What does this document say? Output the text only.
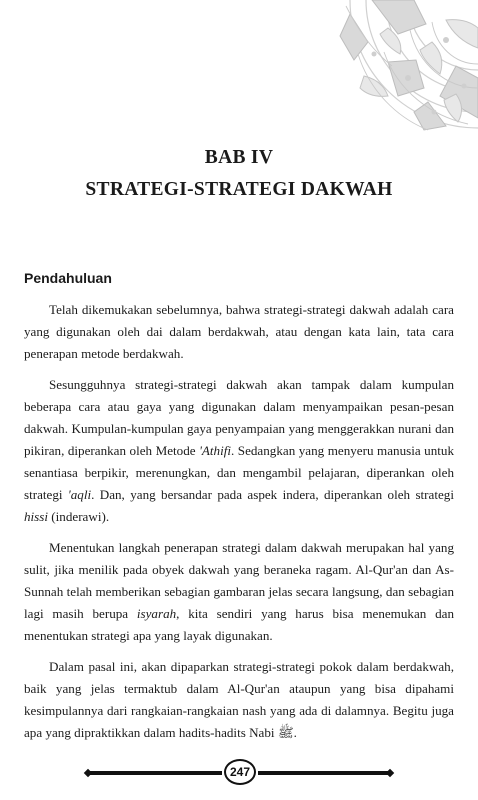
BAB IV
STRATEGI-STRATEGI DAKWAH
Pendahuluan

Telah dikemukakan sebelumnya, bahwa strategi-strategi dakwah adalah cara yang digunakan oleh dai dalam berdakwah, atau dengan kata lain, tata cara penerapan metode berdakwah.

Sesungguhnya strategi-strategi dakwah akan tampak dalam kumpulan beberapa cara atau gaya yang digunakan dalam menyampaikan pesan-pesan dakwah. Kumpulan-kumpulan gaya penyampaian yang menggerakkan nurani dan pikiran, diperankan oleh Metode 'Athifi. Sedangkan yang menyeru manusia untuk senantiasa berpikir, merenungkan, dan mengambil pelajaran, diperankan oleh strategi 'aqli. Dan, yang bersandar pada aspek indera, diperankan oleh strategi hissi (inderawi).

Menentukan langkah penerapan strategi dalam dakwah merupakan hal yang sulit, jika menilik pada obyek dakwah yang beraneka ragam. Al-Qur'an dan As-Sunnah telah memberikan sebagian gambaran jelas secara langsung, dan sebagian lagi masih berupa isyarah, kita sendiri yang harus bisa menemukan dan menentukan strategi apa yang layak digunakan.

Dalam pasal ini, akan dipaparkan strategi-strategi pokok dalam berdakwah, baik yang jelas termaktub dalam Al-Qur'an ataupun yang bisa dipahami kesimpulannya dari rangkaian-rangkaian nash yang ada di dalamnya. Begitu juga apa yang dipraktikkan dalam hadits-hadits Nabi ﷺ.

247
